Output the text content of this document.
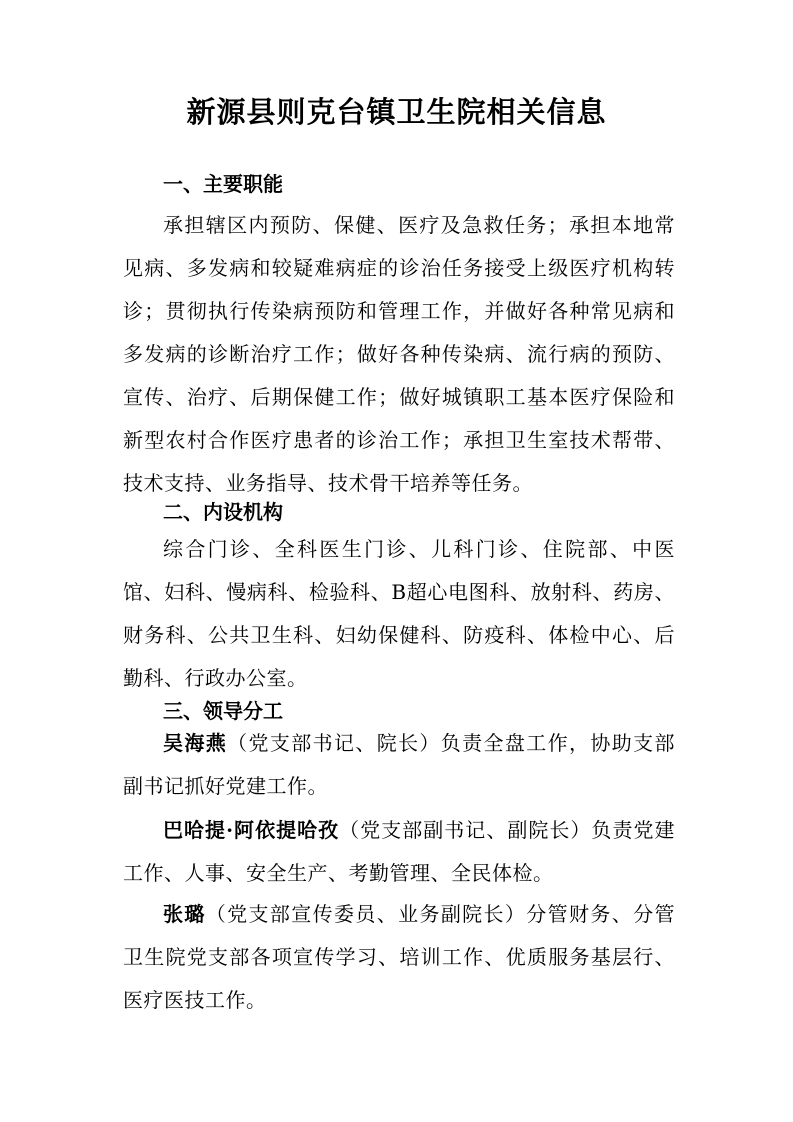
新源县则克台镇卫生院相关信息
一、主要职能

承担辖区内预防、保健、医疗及急救任务；承担本地常见病、多发病和较疑难病症的诊治任务接受上级医疗机构转诊；贯彻执行传染病预防和管理工作，并做好各种常见病和多发病的诊断治疗工作；做好各种传染病、流行病的预防、宣传、治疗、后期保健工作；做好城镇职工基本医疗保险和新型农村合作医疗患者的诊治工作；承担卫生室技术帮带、技术支持、业务指导、技术骨干培养等任务。

二、内设机构

综合门诊、全科医生门诊、儿科门诊、住院部、中医馆、妇科、慢病科、检验科、B超心电图科、放射科、药房、财务科、公共卫生科、妇幼保健科、防疫科、体检中心、后勤科、行政办公室。

三、领导分工

吴海燕（党支部书记、院长）负责全盘工作，协助支部副书记抓好党建工作。

巴哈提·阿依提哈孜（党支部副书记、副院长）负责党建工作、人事、安全生产、考勤管理、全民体检。

张璐（党支部宣传委员、业务副院长）分管财务、分管卫生院党支部各项宣传学习、培训工作、优质服务基层行、医疗医技工作。
